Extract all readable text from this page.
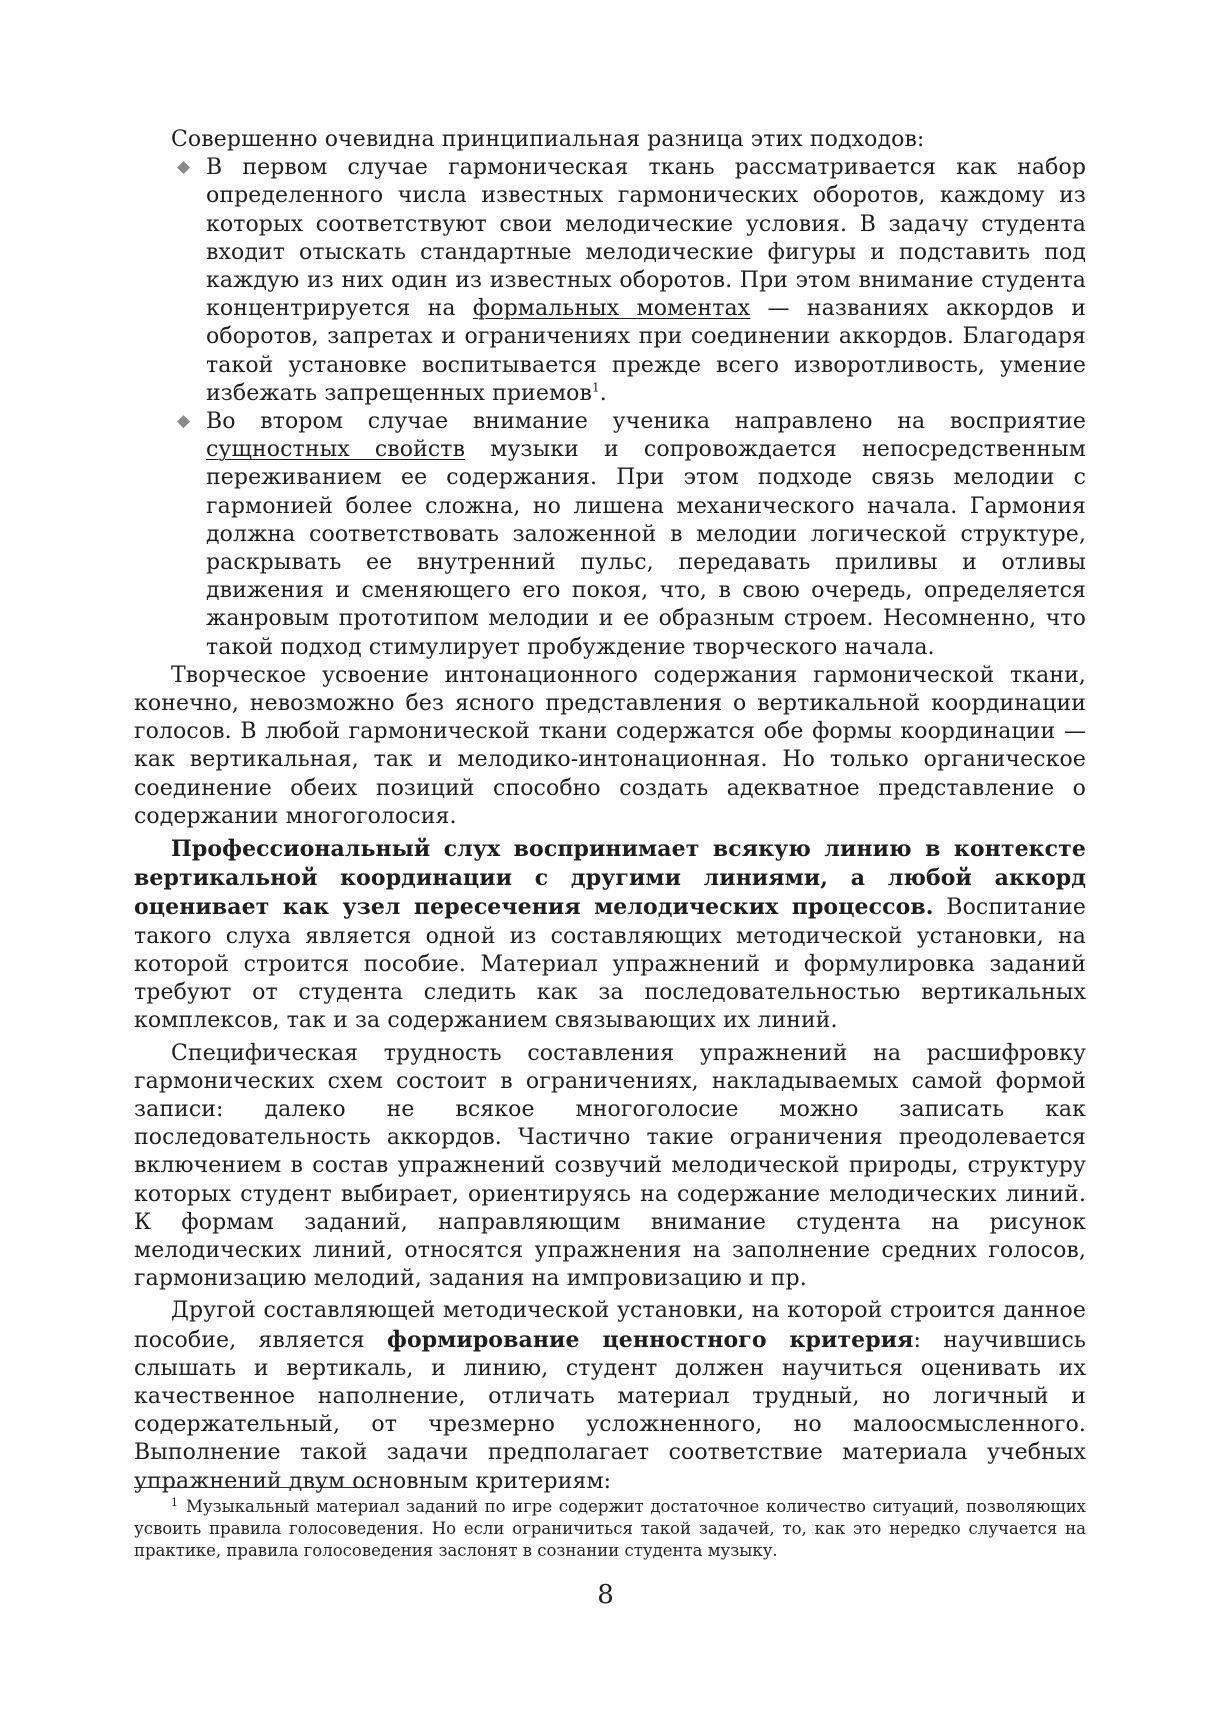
Совершенно очевидна принципиальная разница этих подходов:

◆ В первом случае гармоническая ткань рассматривается как набор определенного числа известных гармонических оборотов, каждому из которых соответствуют свои мелодические условия. В задачу студента входит отыскать стандартные мелодические фигуры и подставить под каждую из них один из известных оборотов. При этом внимание студента концентрируется на формальных моментах — названиях аккордов и оборотов, запретах и ограничениях при соединении аккордов. Благодаря такой установке воспитывается прежде всего изворотливость, умение избежать запрещенных приемов$^1$.
◆ Во втором случае внимание ученика направлено на восприятие сущностных свойств музыки и сопровождается непосредственным переживанием ее содержания. При этом подходе связь мелодии с гармонией более сложна, но лишена механического начала. Гармония должна соответствовать заложенной в мелодии логической структуре, раскрывать ее внутренний пульс, передавать приливы и отливы движения и сменяющего его покоя, что, в свою очередь, определяется жанровым прототипом мелодии и ее образным строем. Несомненно, что такой подход стимулирует пробуждение творческого начала.

Творческое усвоение интонационного содержания гармонической ткани, конечно, невозможно без ясного представления о вертикальной координации голосов. В любой гармонической ткани содержатся обе формы координации — как вертикальная, так и мелодико-интонационная. Но только органическое соединение обеих позиций способно создать адекватное представление о содержании многоголосия.

Профессиональный слух воспринимает всякую линию в контексте вертикальной координации с другими линиями, а любой аккорд оценивает как узел пересечения мелодических процессов. Воспитание такого слуха является одной из составляющих методической установки, на которой строится пособие. Материал упражнений и формулировка заданий требуют от студента следить как за последовательностью вертикальных комплексов, так и за содержанием связывающих их линий.

Специфическая трудность составления упражнений на расшифровку гармонических схем состоит в ограничениях, накладываемых самой формой записи: далеко не всякое многоголосие можно записать как последовательность аккордов. Частично такие ограничения преодолевается включением в состав упражнений созвучий мелодической природы, структуру которых студент выбирает, ориентируясь на содержание мелодических линий. К формам заданий, направляющим внимание студента на рисунок мелодических линий, относятся упражнения на заполнение средних голосов, гармонизацию мелодий, задания на импровизацию и пр.

Другой составляющей методической установки, на которой строится данное пособие, является формирование ценностного критерия: научившись слышать и вертикаль, и линию, студент должен научиться оценивать их качественное наполнение, отличать материал трудный, но логичный и содержательный, от чрезмерно усложненного, но малоосмысленного. Выполнение такой задачи предполагает соответствие материала учебных упражнений двум основным критериям:

$^1$ Музыкальный материал заданий по игре содержит достаточное количество ситуаций, позволяющих усвоить правила голосоведения. Но если ограничиться такой задачей, то, как это нередко случается на практике, правила голосоведения заслонят в сознании студента музыку.

8
